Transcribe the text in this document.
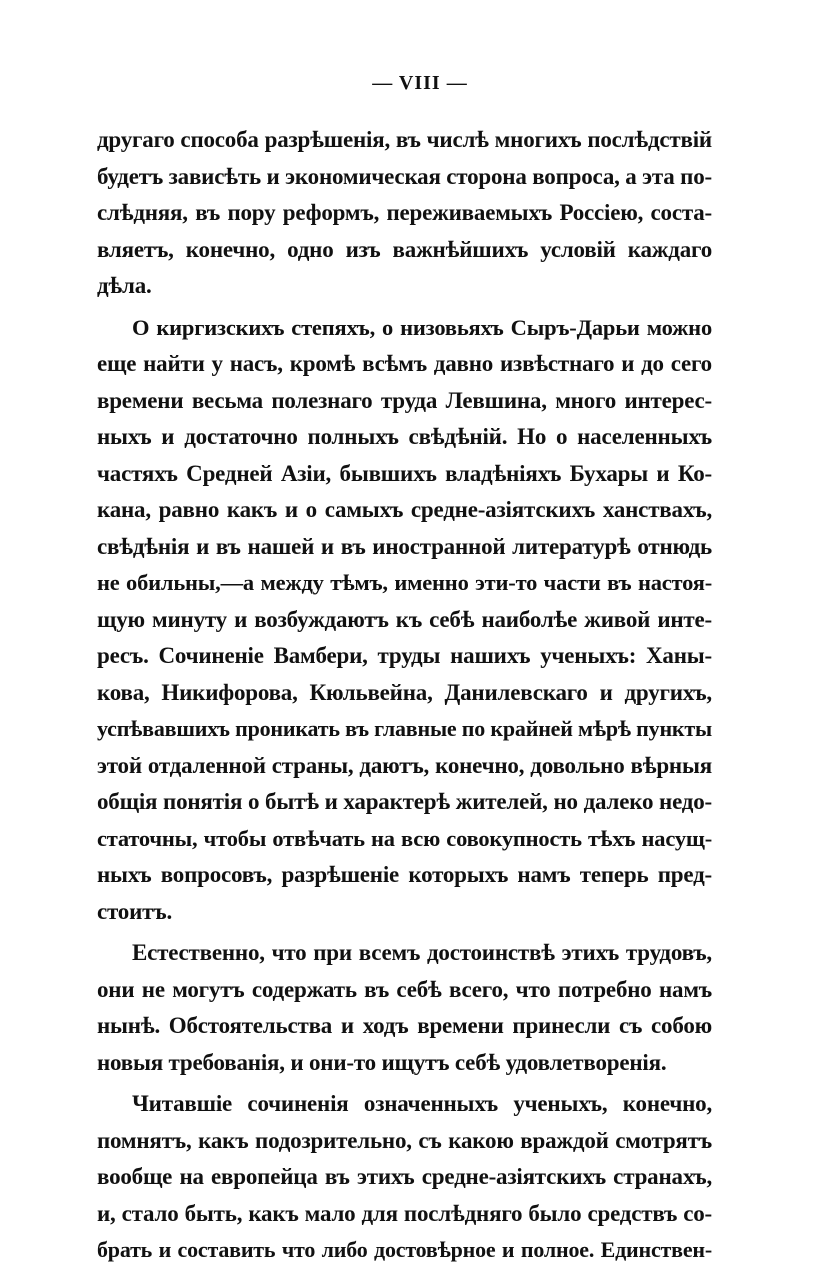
— VIII —
другаго способа разрѣшенія, въ числѣ многихъ послѣдствій
будетъ зависѣть и экономическая сторона вопроса, а эта по-
слѣдняя, въ пору реформъ, переживаемыхъ Россіею, соста-
вляетъ, конечно, одно изъ важнѣйшихъ условій каждаго
дѣла.
О киргизскихъ степяхъ, о низовьяхъ Сыръ-Дарьи можно
еще найти у насъ, кромѣ всѣмъ давно извѣстнаго и до сего
времени весьма полезнаго труда Левшина, много интерес-
ныхъ и достаточно полныхъ свѣдѣній. Но о населенныхъ
частяхъ Средней Азіи, бывшихъ владѣніяхъ Бухары и Ко-
кана, равно какъ и о самыхъ средне-азіятскихъ ханствахъ,
свѣдѣнія и въ нашей и въ иностранной литературѣ отнюдь
не обильны,—а между тѣмъ, именно эти-то части въ настоя-
щую минуту и возбуждаютъ къ себѣ наиболѣе живой инте-
ресъ. Сочиненіе Вамбери, труды нашихъ ученыхъ: Ханы-
кова, Никифорова, Кюльвейна, Данилевскаго и другихъ,
успѣвавшихъ проникать въ главные по крайней мѣрѣ пункты
этой отдаленной страны, даютъ, конечно, довольно вѣрныя
общія понятія о бытѣ и характерѣ жителей, но далеко недо-
статочны, чтобы отвѣчать на всю совокупность тѣхъ насущ-
ныхъ вопросовъ, разрѣшеніе которыхъ намъ теперь пред-
стоитъ.
Естественно, что при всемъ достоинствѣ этихъ трудовъ,
они не могутъ содержать въ себѣ всего, что потребно намъ
нынѣ. Обстоятельства и ходъ времени принесли съ собою
новыя требованія, и они-то ищутъ себѣ удовлетворенія.
Читавшіе сочиненія означенныхъ ученыхъ, конечно,
помнятъ, какъ подозрительно, съ какою враждой смотрятъ
вообще на европейца въ этихъ средне-азіятскихъ странахъ,
и, стало быть, какъ мало для послѣдняго было средствъ со-
брать и составить что либо достовѣрное и полное. Единствен-
